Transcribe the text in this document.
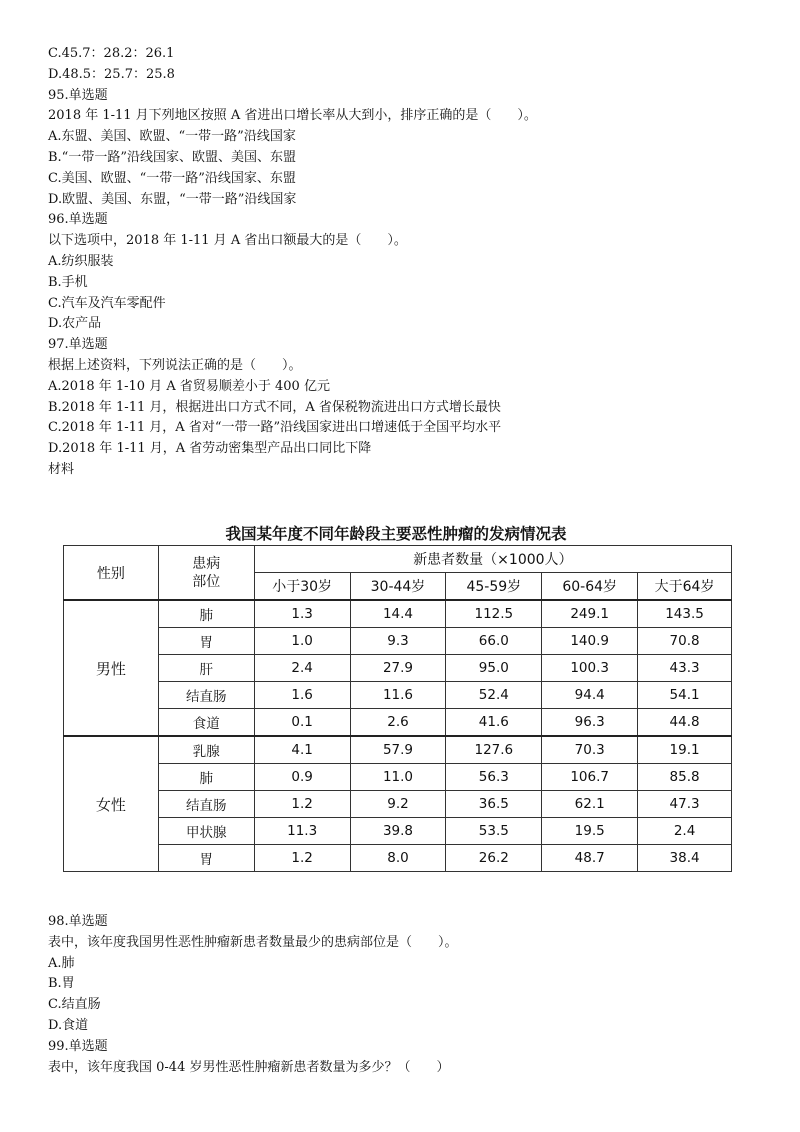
C.45.7：28.2：26.1
D.48.5：25.7：25.8
95.单选题
2018 年 1-11 月下列地区按照 A 省进出口增长率从大到小，排序正确的是（　　）。
A.东盟、美国、欧盟、“一带一路”沿线国家
B.“一带一路”沿线国家、欧盟、美国、东盟
C.美国、欧盟、“一带一路”沿线国家、东盟
D.欧盟、美国、东盟，“一带一路”沿线国家
96.单选题
以下选项中，2018 年 1-11 月 A 省出口额最大的是（　　）。
A.纺织服装
B.手机
C.汽车及汽车零配件
D.农产品
97.单选题
根据上述资料，下列说法正确的是（　　）。
A.2018 年 1-10 月 A 省贸易顺差小于 400 亿元
B.2018 年 1-11 月，根据进出口方式不同，A 省保税物流进出口方式增长最快
C.2018 年 1-11 月，A 省对“一带一路”沿线国家进出口增速低于全国平均水平
D.2018 年 1-11 月，A 省劳动密集型产品出口同比下降
材料
我国某年度不同年龄段主要恶性肿瘤的发病情况表
性别	患病部位	新患者数量（×1000人）				
		小于30岁	30-44岁	45-59岁	60-64岁	大于64岁
男性	肺	1.3	14.4	112.5	249.1	143.5
	胃	1.0	9.3	66.0	140.9	70.8
	肝	2.4	27.9	95.0	100.3	43.3
	结直肠	1.6	11.6	52.4	94.4	54.1
	食道	0.1	2.6	41.6	96.3	44.8
女性	乳腺	4.1	57.9	127.6	70.3	19.1
	肺	0.9	11.0	56.3	106.7	85.8
	结直肠	1.2	9.2	36.5	62.1	47.3
	甲状腺	11.3	39.8	53.5	19.5	2.4
	胃	1.2	8.0	26.2	48.7	38.4
98.单选题
表中，该年度我国男性恶性肿瘤新患者数量最少的患病部位是（　　）。
A.肺
B.胃
C.结直肠
D.食道
99.单选题
表中，该年度我国 0-44 岁男性恶性肿瘤新患者数量为多少？（　　）
